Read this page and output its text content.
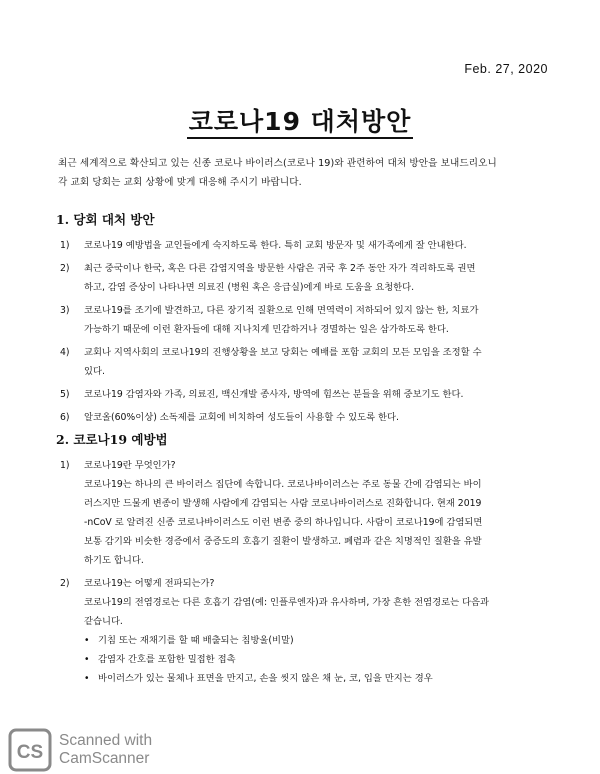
Feb. 27, 2020
코로나19 대처방안

최근 세계적으로 확산되고 있는 신종 코로나 바이러스(코로나 19)와 관련하여 대처 방안을 보내드리오니

각 교회 당회는 교회 상황에 맞게 대응해 주시기 바랍니다.

1. 당회 대처 방안
1)	코로나19 예방법을 교인들에게 숙지하도록 한다. 특히 교회 방문자 및 새가족에게 잘 안내한다.
2)	최근 중국이나 한국, 혹은 다른 감염지역을 방문한 사람은 귀국 후 2주 동안 자가 격리하도록 권면
하고, 감염 증상이 나타나면 의료진 (병원 혹은 응급실)에게 바로 도움을 요청한다.
3)	코로나19를 조기에 발견하고, 다른 장기적 질환으로 인해 면역력이 저하되어 있지 않는 한, 치료가
가능하기 때문에 이런 환자들에 대해 지나치게 민감하거나 경멸하는 일은 삼가하도록 한다.
4)	교회나 지역사회의 코로나19의 진행상황을 보고 당회는 예배를 포함 교회의 모든 모임을 조정할 수
있다.
5)	코로나19 감염자와 가족, 의료진, 백신개발 종사자, 방역에 힘쓰는 분들을 위해 중보기도 한다.
6)	알코올(60%이상) 소독제를 교회에 비치하여 성도들이 사용할 수 있도록 한다.
2. 코로나19 예방법
1)	코로나19란 무엇인가?
코로나19는 하나의 큰 바이러스 집단에 속합니다. 코로나바이러스는 주로 동물 간에 감염되는 바이
러스지만 드물게 변종이 발생해 사람에게 감염되는 사람 코로나바이러스로 진화합니다. 현재 2019
-nCoV 로 알려진 신종 코로나바이러스도 이런 변종 중의 하나입니다. 사람이 코로나19에 감염되면
보통 감기와 비슷한 경증에서 중증도의 호흡기 질환이 발생하고. 폐렴과 같은 치명적인 질환을 유발
하기도 합니다.
2)	코로나19는 어떻게 전파되는가?
코로나19의 전염경로는 다른 호흡기 감염(예: 인플루엔자)과 유사하며, 가장 흔한 전염경로는 다음과
같습니다.
• 기침 또는 재채기를 할 때 배출되는 침방울(비말)
• 감염자 간호를 포함한 밀접한 접촉
• 바이러스가 있는 물체나 표면을 만지고, 손을 씻지 않은 채 눈, 코, 입을 만지는 경우
CS
Scanned with
CamScanner
